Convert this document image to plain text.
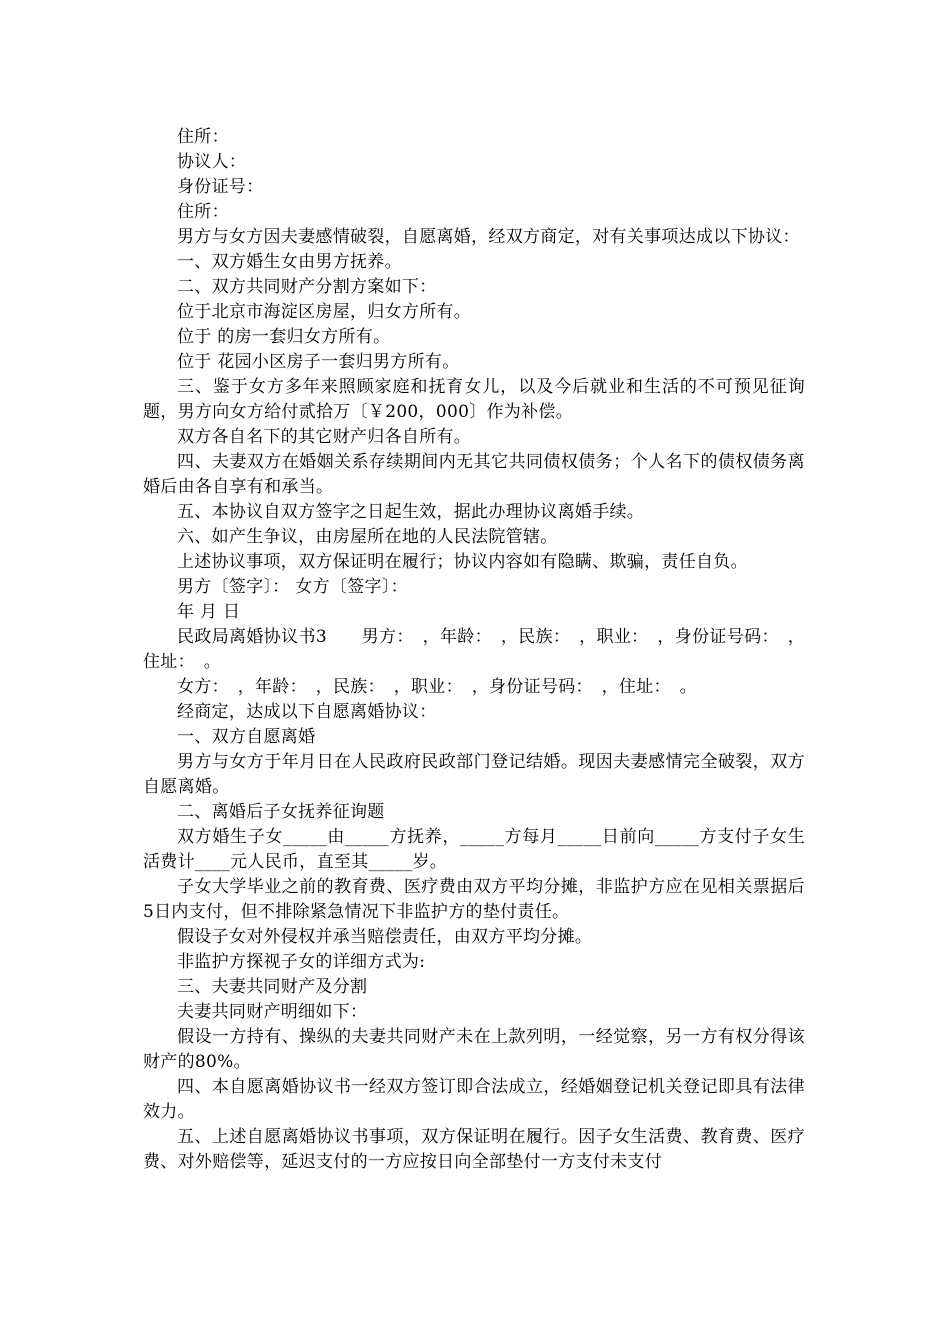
住所：

协议人：

身份证号：

住所：

男方与女方因夫妻感情破裂，自愿离婚，经双方商定，对有关事项达成以下协议：

一、双方婚生女由男方抚养。

二、双方共同财产分割方案如下：

位于北京市海淀区房屋，归女方所有。

位于 的房一套归女方所有。

位于 花园小区房子一套归男方所有。

三、鉴于女方多年来照顾家庭和抚育女儿，以及今后就业和生活的不可预见征询题，男方向女方给付贰拾万〔￥200，000〕作为补偿。

双方各自名下的其它财产归各自所有。

四、夫妻双方在婚姻关系存续期间内无其它共同债权债务；个人名下的债权债务离婚后由各自享有和承当。

五、本协议自双方签字之日起生效，据此办理协议离婚手续。

六、如产生争议，由房屋所在地的人民法院管辖。

上述协议事项，双方保证明在履行；协议内容如有隐瞒、欺骗，责任自负。

男方〔签字〕： 女方〔签字〕：

年 月 日

民政局离婚协议书3　　男方：　，年龄：　，民族：　，职业：　，身份证号码：　，住址：　。

女方：　，年龄：　，民族：　，职业：　，身份证号码：　，住址：　。

经商定，达成以下自愿离婚协议：

一、双方自愿离婚

男方与女方于年月日在人民政府民政部门登记结婚。现因夫妻感情完全破裂，双方自愿离婚。

二、离婚后子女抚养征询题

双方婚生子女_____由_____方抚养，_____方每月_____日前向_____方支付子女生活费计____元人民币，直至其_____岁。

子女大学毕业之前的教育费、医疗费由双方平均分摊，非监护方应在见相关票据后5日内支付，但不排除紧急情况下非监护方的垫付责任。

假设子女对外侵权并承当赔偿责任，由双方平均分摊。

非监护方探视子女的详细方式为:

三、夫妻共同财产及分割

夫妻共同财产明细如下：

假设一方持有、操纵的夫妻共同财产未在上款列明，一经觉察，另一方有权分得该财产的80%。

四、本自愿离婚协议书一经双方签订即合法成立，经婚姻登记机关登记即具有法律效力。

五、上述自愿离婚协议书事项，双方保证明在履行。因子女生活费、教育费、医疗费、对外赔偿等，延迟支付的一方应按日向全部垫付一方支付未支付
